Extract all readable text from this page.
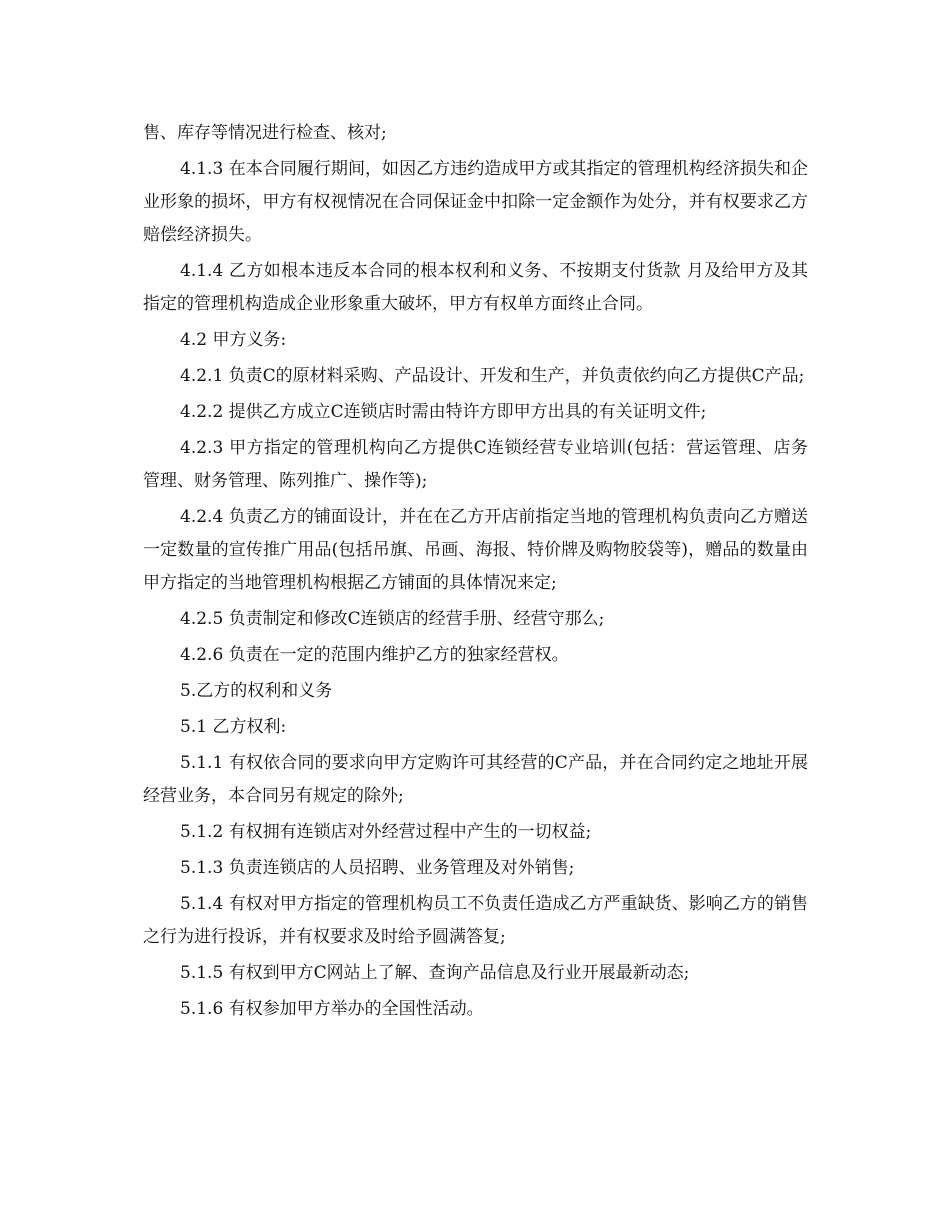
售、库存等情况进行检查、核对;

4.1.3 在本合同履行期间，如因乙方违约造成甲方或其指定的管理机构经济损失和企业形象的损坏，甲方有权视情况在合同保证金中扣除一定金额作为处分，并有权要求乙方赔偿经济损失。

4.1.4 乙方如根本违反本合同的根本权利和义务、不按期支付货款 月及给甲方及其指定的管理机构造成企业形象重大破坏，甲方有权单方面终止合同。

4.2 甲方义务:

4.2.1 负责C的原材料采购、产品设计、开发和生产，并负责依约向乙方提供C产品;

4.2.2 提供乙方成立C连锁店时需由特许方即甲方出具的有关证明文件;

4.2.3 甲方指定的管理机构向乙方提供C连锁经营专业培训(包括：营运管理、店务管理、财务管理、陈列推广、操作等);

4.2.4 负责乙方的铺面设计，并在在乙方开店前指定当地的管理机构负责向乙方赠送一定数量的宣传推广用品(包括吊旗、吊画、海报、特价牌及购物胶袋等)，赠品的数量由甲方指定的当地管理机构根据乙方铺面的具体情况来定;

4.2.5 负责制定和修改C连锁店的经营手册、经营守那么;

4.2.6 负责在一定的范围内维护乙方的独家经营权。

5.乙方的权利和义务

5.1 乙方权利:

5.1.1 有权依合同的要求向甲方定购许可其经营的C产品，并在合同约定之地址开展经营业务，本合同另有规定的除外;

5.1.2 有权拥有连锁店对外经营过程中产生的一切权益;

5.1.3 负责连锁店的人员招聘、业务管理及对外销售;

5.1.4 有权对甲方指定的管理机构员工不负责任造成乙方严重缺货、影响乙方的销售之行为进行投诉，并有权要求及时给予圆满答复;

5.1.5 有权到甲方C网站上了解、查询产品信息及行业开展最新动态;

5.1.6 有权参加甲方举办的全国性活动。
